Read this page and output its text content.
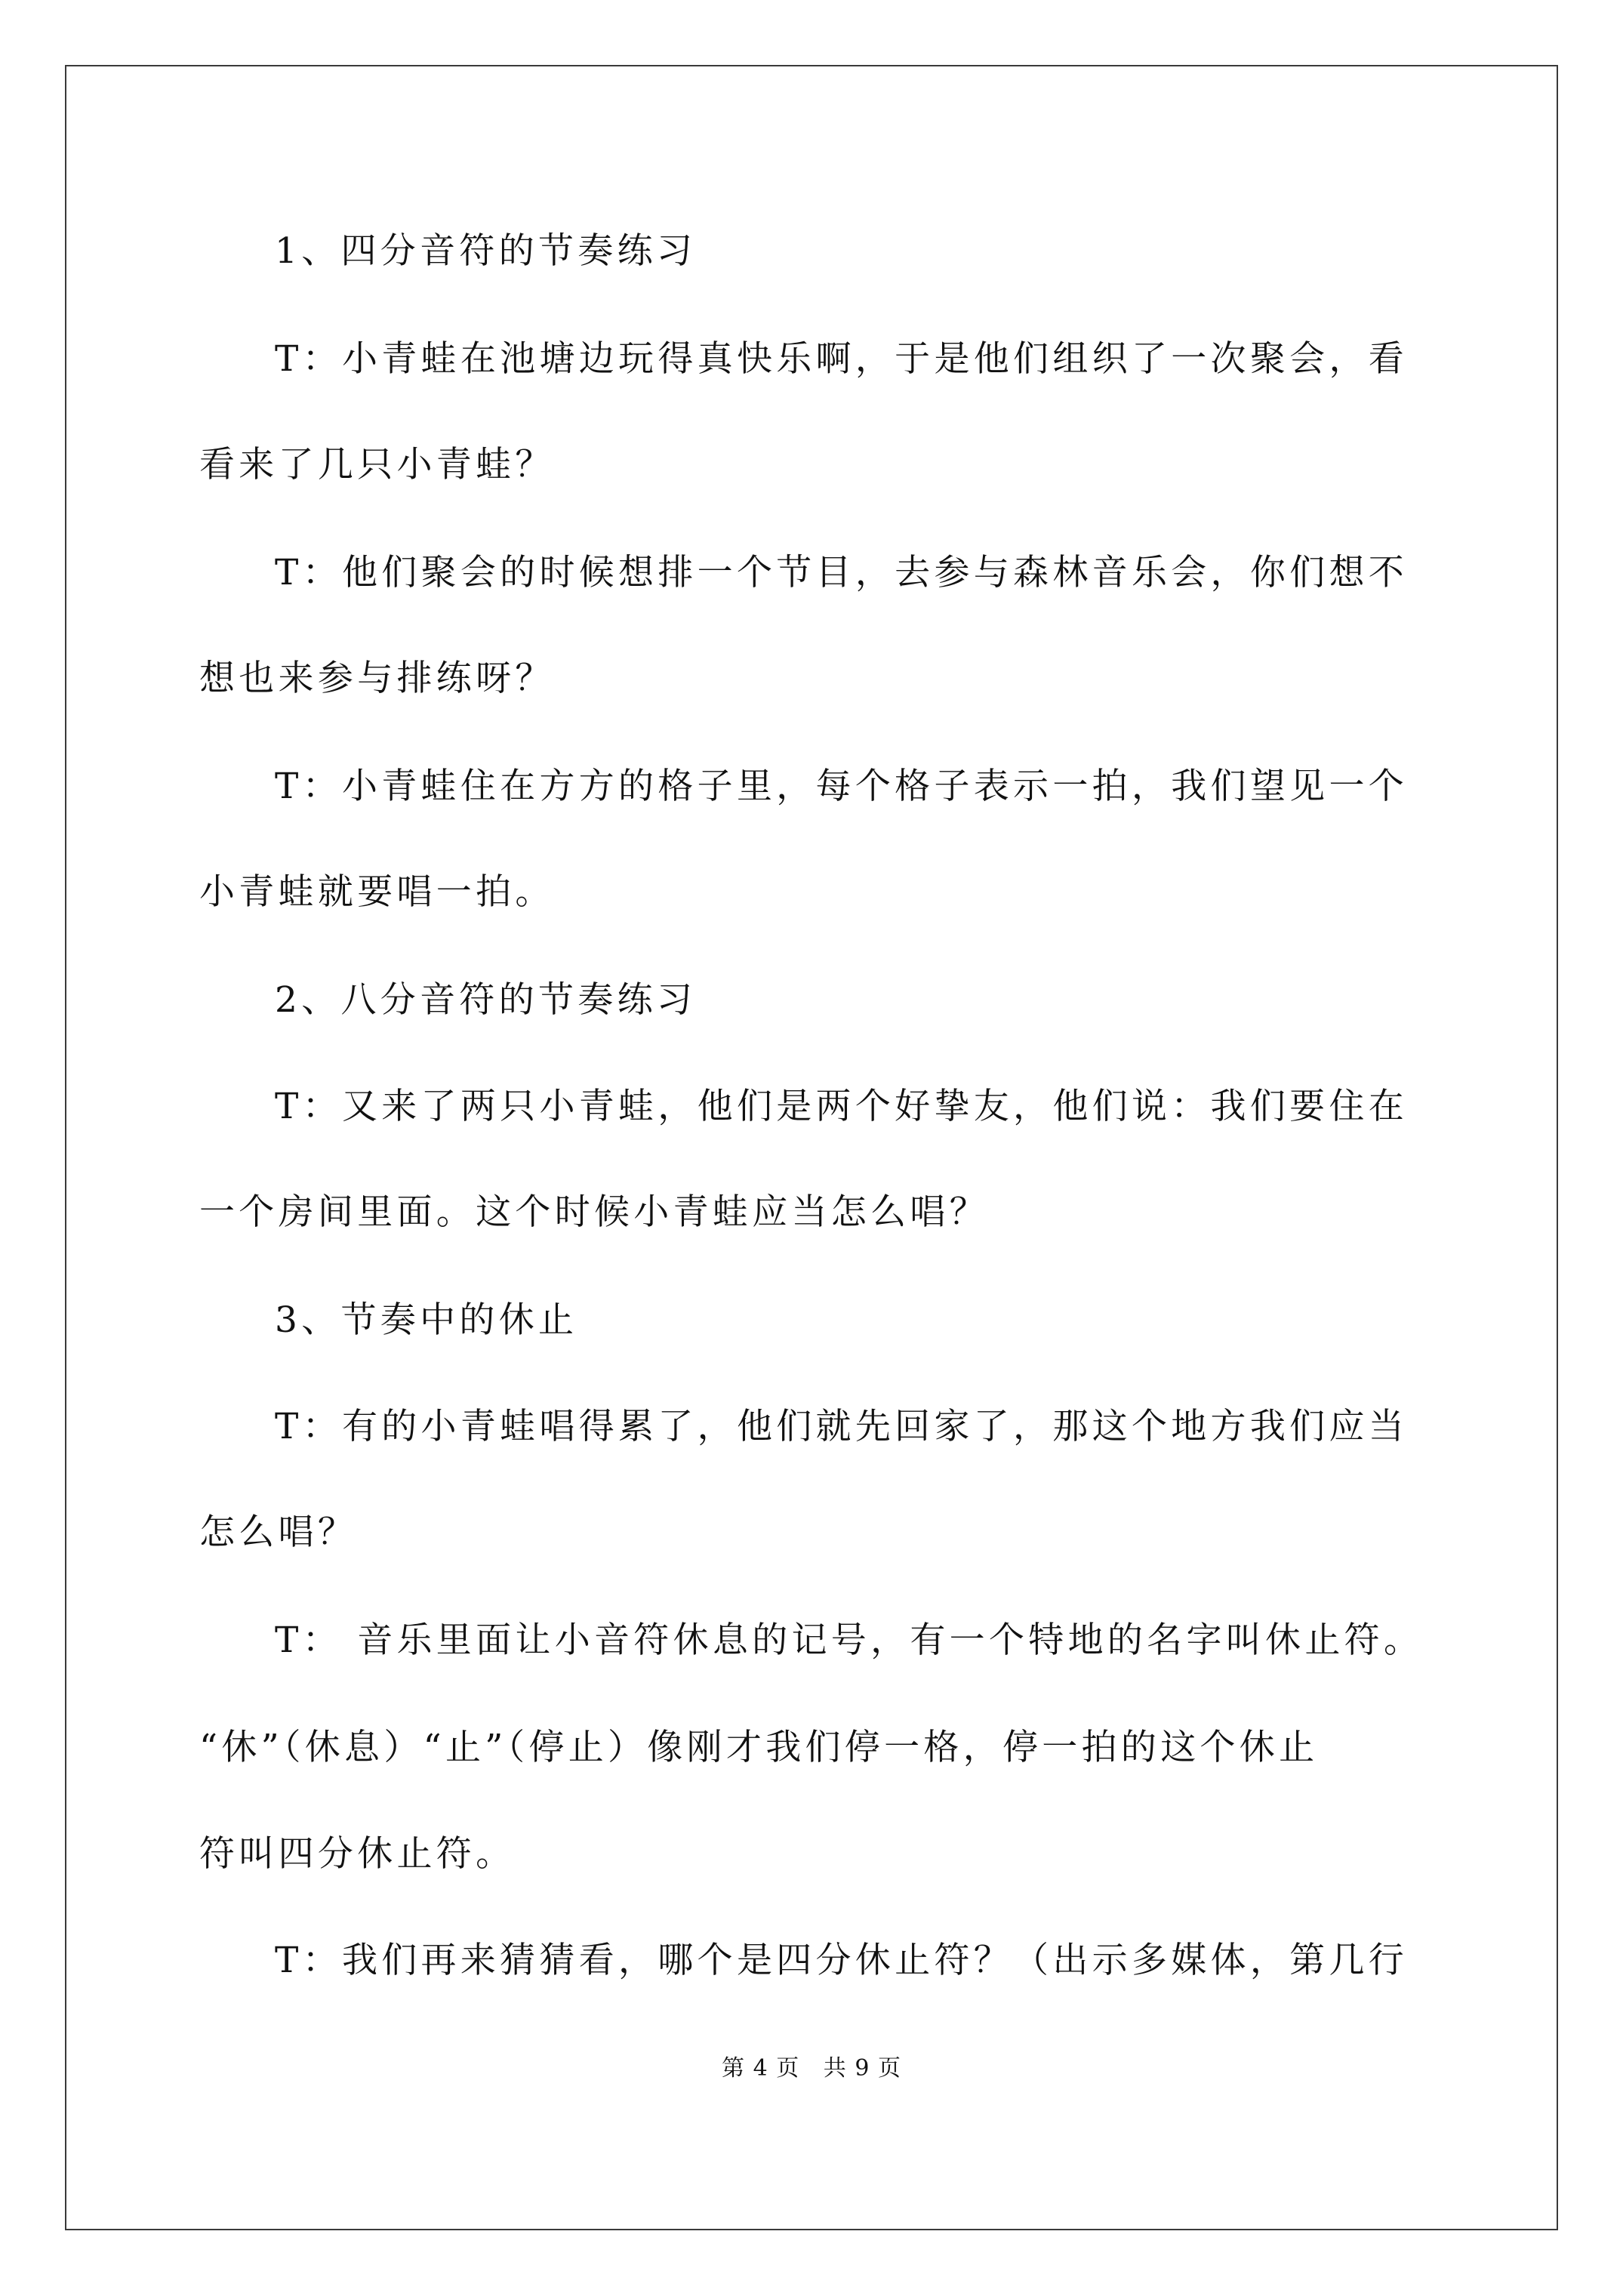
1、四分音符的节奏练习
T：小青蛙在池塘边玩得真快乐啊，于是他们组织了一次聚会，看
看来了几只小青蛙？
T：他们聚会的时候想排一个节目，去参与森林音乐会，你们想不
想也来参与排练呀？
T：小青蛙住在方方的格子里，每个格子表示一拍，我们望见一个
小青蛙就要唱一拍。
2、八分音符的节奏练习
T：又来了两只小青蛙，他们是两个好挚友，他们说：我们要住在
一个房间里面。这个时候小青蛙应当怎么唱？
3、节奏中的休止
T：有的小青蛙唱得累了，他们就先回家了，那这个地方我们应当
怎么唱？
T： 音乐里面让小音符休息的记号，有一个特地的名字叫休止符。
“休”（休息）“止”（停止）像刚才我们停一格，停一拍的这个休止
符叫四分休止符。
T：我们再来猜猜看，哪个是四分休止符？（出示多媒体，第几行
第 4 页   共 9 页
